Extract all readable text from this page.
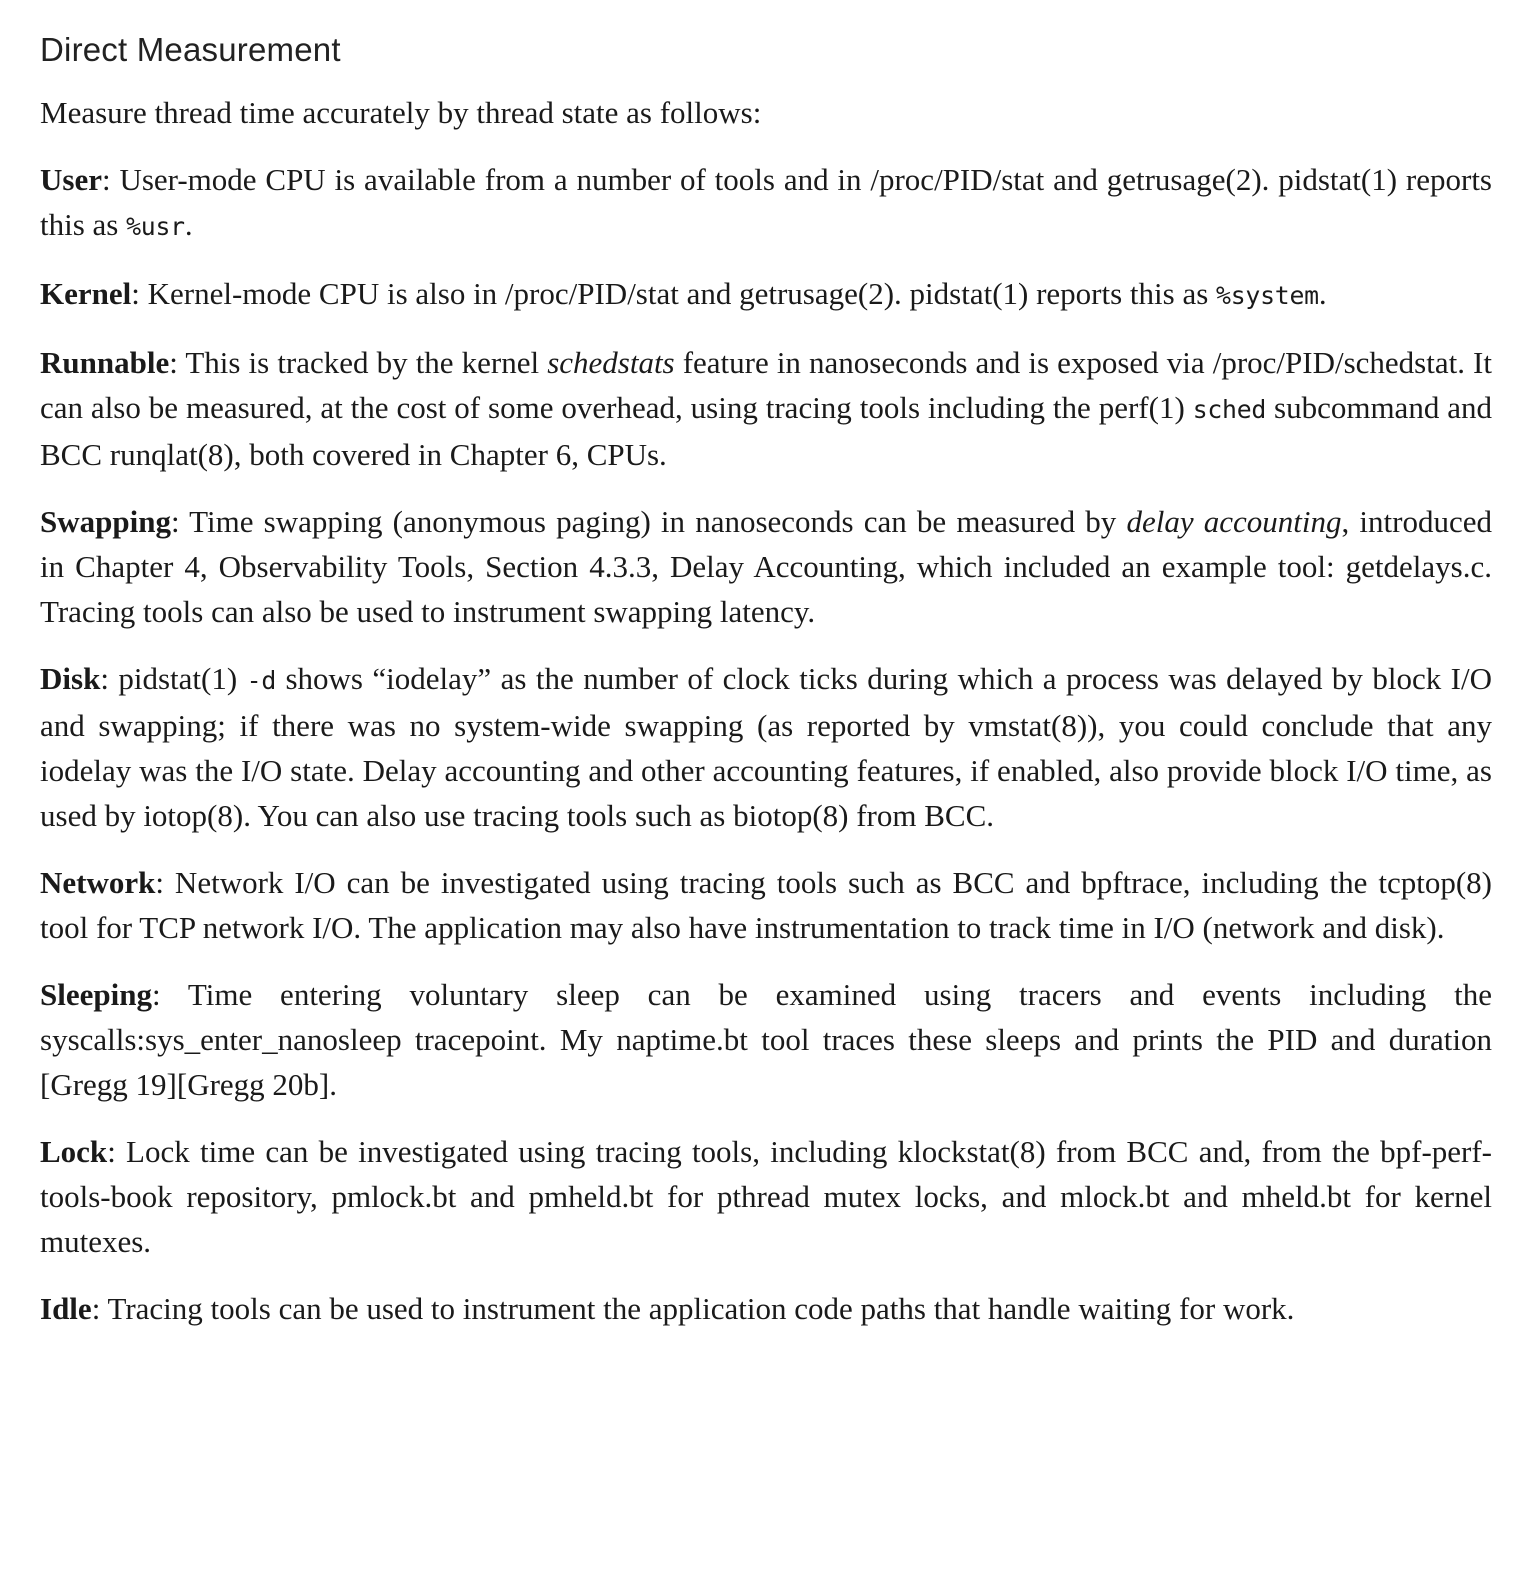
Direct Measurement

Measure thread time accurately by thread state as follows:

User: User-mode CPU is available from a number of tools and in /proc/PID/stat and getrusage(2). pidstat(1) reports this as %usr.

Kernel: Kernel-mode CPU is also in /proc/PID/stat and getrusage(2). pidstat(1) reports this as %system.

Runnable: This is tracked by the kernel schedstats feature in nanoseconds and is exposed via /proc/PID/schedstat. It can also be measured, at the cost of some overhead, using tracing tools including the perf(1) sched subcommand and BCC runqlat(8), both covered in Chapter 6, CPUs.

Swapping: Time swapping (anonymous paging) in nanoseconds can be measured by delay accounting, introduced in Chapter 4, Observability Tools, Section 4.3.3, Delay Accounting, which included an example tool: getdelays.c. Tracing tools can also be used to instrument swapping latency.

Disk: pidstat(1) -d shows “iodelay” as the number of clock ticks during which a process was delayed by block I/O and swapping; if there was no system-wide swapping (as reported by vmstat(8)), you could conclude that any iodelay was the I/O state. Delay accounting and other accounting features, if enabled, also provide block I/O time, as used by iotop(8). You can also use tracing tools such as biotop(8) from BCC.

Network: Network I/O can be investigated using tracing tools such as BCC and bpftrace, including the tcptop(8) tool for TCP network I/O. The application may also have instrumentation to track time in I/O (network and disk).

Sleeping: Time entering voluntary sleep can be examined using tracers and events including the syscalls:sys_enter_nanosleep tracepoint. My naptime.bt tool traces these sleeps and prints the PID and duration [Gregg 19][Gregg 20b].

Lock: Lock time can be investigated using tracing tools, including klockstat(8) from BCC and, from the bpf-perf-tools-book repository, pmlock.bt and pmheld.bt for pthread mutex locks, and mlock.bt and mheld.bt for kernel mutexes.

Idle: Tracing tools can be used to instrument the application code paths that handle waiting for work.
